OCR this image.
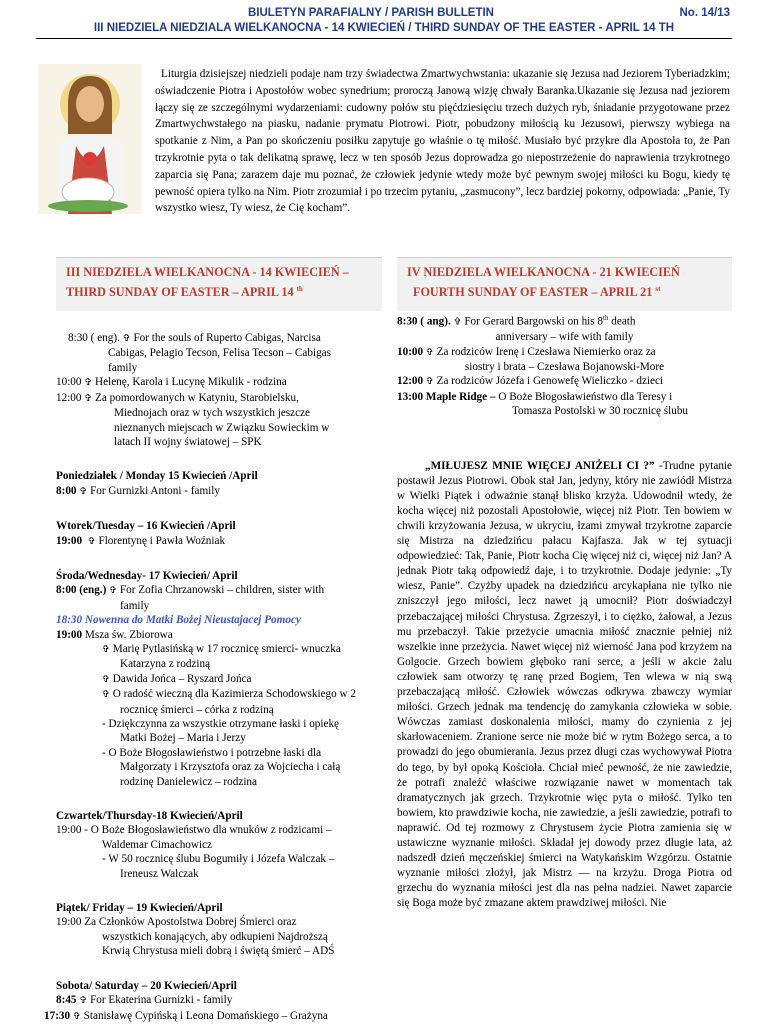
BIULETYN PARAFIALNY / PARISH BULLETIN	No. 14/13
III NIEDZIELA NIEDZIALA WIELKANOCNA - 14 KWIECIEŃ / THIRD SUNDAY OF THE EASTER - APRIL 14 TH

Liturgia dzisiejszej niedzieli podaje nam trzy świadectwa Zmartwychwstania: ukazanie się Jezusa nad Jeziorem Tyberiadzkim; oświadczenie Piotra i Apostołów wobec synedrium; proroczą Janową wizję chwały Baranka.Ukazanie się Jezusa nad jeziorem łączy się ze szczególnymi wydarzeniami: cudowny połów stu pięćdziesięciu trzech dużych ryb, śniadanie przygotowane przez Zmartwychwstałego na piasku, nadanie prymatu Piotrowi. Piotr, pobudzony miłością ku Jezusowi, pierwszy wybiega na spotkanie z Nim, a Pan po skończeniu posiłku zapytuje go właśnie o tę miłość. Musiało być przykre dla Apostoła to, że Pan trzykrotnie pyta o tak delikatną sprawę, lecz w ten sposób Jezus doprowadza go niepostrzeżenie do naprawienia trzykrotnego zaparcia się Pana; zarazem daje mu poznać, że człowiek jedynie wtedy może być pewnym swojej miłości ku Bogu, kiedy tę pewność opiera tylko na Nim. Piotr zrozumiał i po trzecim pytaniu, „zasmucony”, lecz bardziej pokorny, odpowiada: „Panie, Ty wszystko wiesz, Ty wiesz, że Cię kocham”.

III NIEDZIELA WIELKANOCNA - 14 KWIECIEŃ –
THIRD SUNDAY OF EASTER – APRIL 14 $^{th}$

8:30 ( eng). ✞ For the souls of Ruperto Cabigas, Narcisa

Cabigas, Pelagio Tecson, Felisa Tecson – Cabigas

family

10:00 ✞ Helenę, Karola i Lucynę Mikulik - rodzina

12:00 ✞ Za pomordowanych w Katyniu, Starobielsku,

Miednojach oraz w tych wszystkich jeszcze

nieznanych miejscach w Związku Sowieckim w

latach II wojny światowej – SPK

Poniedziałek / Monday 15 Kwiecień /April

8:00 ✞ For Gurnizki Antoni - family

Wtorek/Tuesday – 16 Kwiecień /April

19:00 ✞ Florentynę i Pawła Woźniak

Środa/Wednesday- 17 Kwiecień/ April

8:00 (eng.) ✞ For Zofia Chrzanowski – children, sister with

family

18:30 Nowenna do Matki Bożej Nieustajacej Pomocy

19:00 Msza św. Zbiorowa

✞ Marię Pytlasińską w 17 rocznicę smierci- wnuczka

Katarzyna z rodziną

✞ Dawida Jońca – Ryszard Jońca

✞ O radość wieczną dla Kazimierza Schodowskiego w 2

rocznicę śmierci – córka z rodziną

- Dziękczynna za wszystkie otrzymane łaski i opiekę

Matki Bożej – Maria i Jerzy

- O Boże Błogosławieństwo i potrzebne łaski dla

Małgorzaty i Krzysztofa oraz za Wojciecha i całą

rodzinę Danielewicz – rodzina

Czwartek/Thursday-18 Kwiecień/April

19:00 - O Boże Błogosławieństwo dla wnuków z rodzicami –

Waldemar Cimachowicz

- W 50 rocznicę ślubu Bogumiły i Józefa Walczak –

Ireneusz Walczak

Piątek/ Friday – 19 Kwiecień/April

19:00 Za Członków Apostolstwa Dobrej Śmierci oraz

wszystkich konających, aby odkupieni Najdroższą

Krwią Chrystusa mieli dobrą i świętą śmierć – ADŚ

Sobota/ Saturday – 20 Kwiecień/April

8:45 ✞ For Ekaterina Gurnizki - family

17:30 ✞ Stanisławę Cypińską i Leona Domańskiego – Grażyna

IV NIEDZIELA WIELKANOCNA - 21 KWIECIEŃ
FOURTH SUNDAY OF EASTER – APRIL 21 $^{st}$

8:30 ( ang). ✞ For Gerard Bargowski on his 8th death

anniversary – wife with family

10:00 ✞ Za rodziców Irenę i Czesława Niemierko oraz za

siostry i brata – Czesława Bojanowski-More

12:00 ✞ Za rodziców Józefa i Genowefę Wieliczko - dzieci

13:00 Maple Ridge – O Boże Błogosławieństwo dla Teresy i

Tomasza Postolski w 30 rocznicę ślubu

„MIŁUJESZ MNIE WIĘCEJ ANIŻELI CI ?” -Trudne pytanie postawił Jezus Piotrowi. Obok stał Jan, jedyny, który nie zawiódł Mistrza w Wielki Piątek i odważnie stanął blisko krzyża. Udowodnił wtedy, że kocha więcej niż pozostali Apostołowie, więcej niż Piotr. Ten bowiem w chwili krzyżowania Jezusa, w ukryciu, łzami zmywał trzykrotne zaparcie się Mistrza na dziedzińcu pałacu Kajfasza. Jak w tej sytuacji odpowiedzieć: Tak, Panie, Piotr kocha Cię więcej niż ci, więcej niż Jan? A jednak Piotr taką odpowiedź daje, i to trzykrotnie. Dodaje jedynie: „Ty wiesz, Panie”. Czyżby upadek na dziedzińcu arcykapłana nie tylko nie zniszczył jego miłości, lecz nawet ją umocnił? Piotr doświadczył przebaczającej miłości Chrystusa. Zgrzeszył, i to ciężko, żałował, a Jezus mu przebaczył. Takie przeżycie umacnia miłość znacznie pełniej niż wszelkie inne przeżycia. Nawet więcej niż wierność Jana pod krzyżem na Golgocie. Grzech bowiem głęboko rani serce, a jeśli w akcie żalu człowiek sam otworzy tę ranę przed Bogiem, Ten wlewa w nią swą przebaczającą miłość. Człowiek wówczas odkrywa zbawczy wymiar miłości. Grzech jednak ma tendencję do zamykania człowieka w sobie. Wówczas zamiast doskonalenia miłości, mamy do czynienia z jej skarłowaceniem. Zranione serce nie może bić w rytm Bożego serca, a to prowadzi do jego obumierania. Jezus przez długi czas wychowywał Piotra do tego, by był opoką Kościoła. Chciał mieć pewność, że nie zawiedzie, że potrafi znaleźć właściwe rozwiązanie nawet w momentach tak dramatycznych jak grzech. Trzykrotnie więc pyta o miłość. Tylko ten bowiem, kto prawdziwie kocha, nie zawiedzie, a jeśli zawiedzie, potrafi to naprawić. Od tej rozmowy z Chrystusem życie Piotra zamienia się w ustawiczne wyznanie miłości. Składał jej dowody przez długie lata, aż nadszedł dzień męczeńskiej śmierci na Watykańskim Wzgórzu. Ostatnie wyznanie miłości złożył, jak Mistrz — na krzyżu. Droga Piotra od grzechu do wyznania miłości jest dla nas pełna nadziei. Nawet zaparcie się Boga może być zmazane aktem prawdziwej miłości. Nie
